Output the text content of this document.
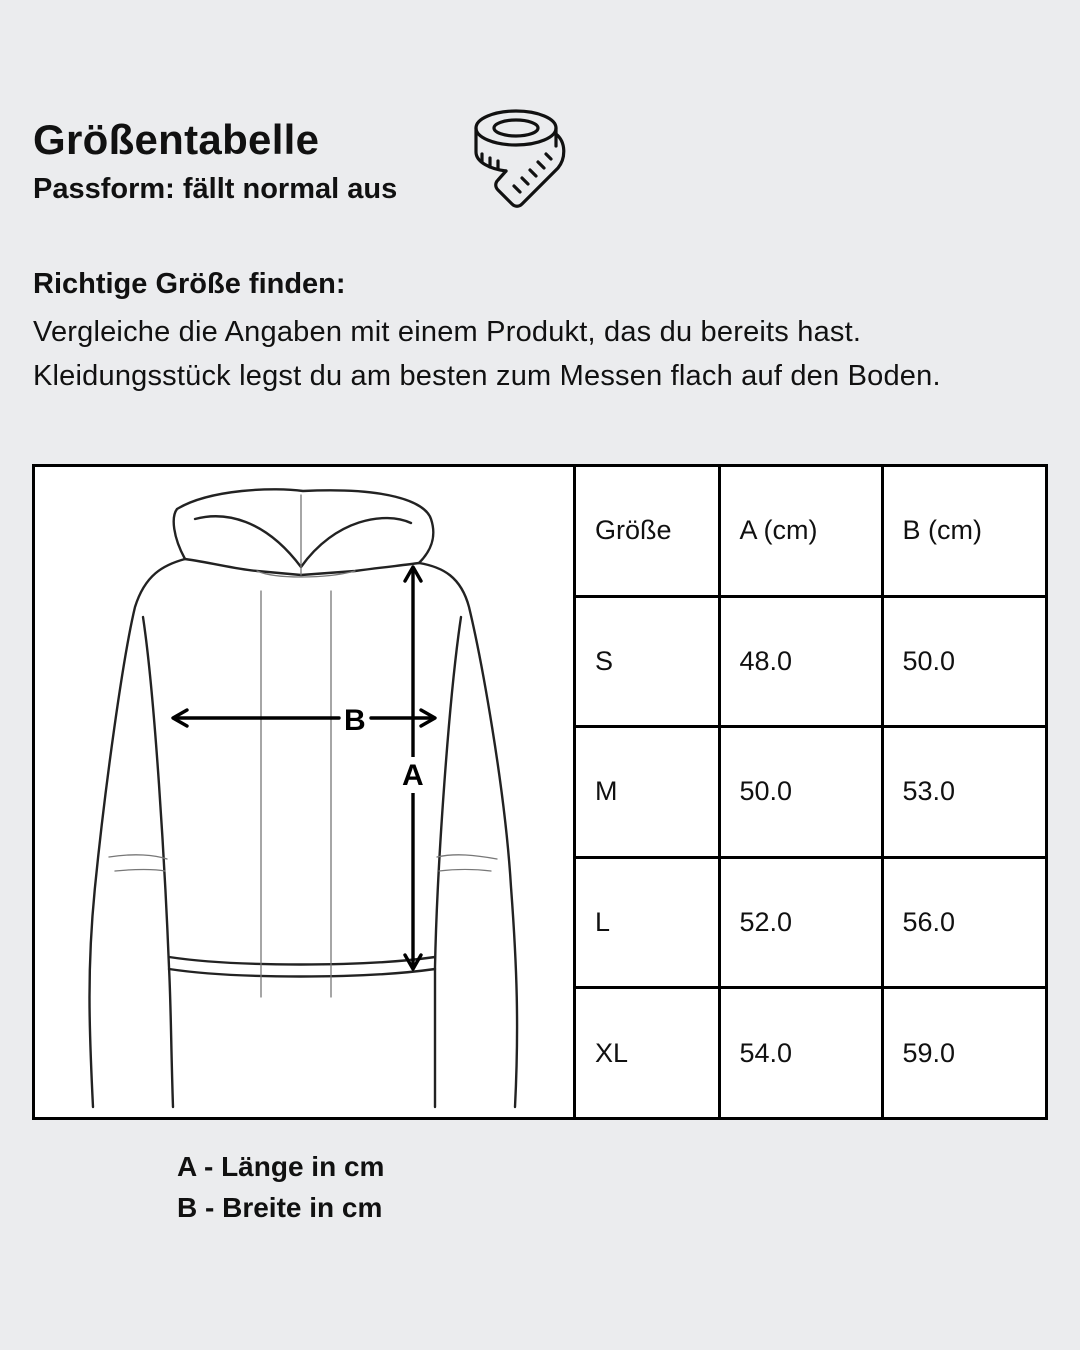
Größentabelle
Passform: fällt normal aus
Richtige Größe finden:
Vergleiche die Angaben mit einem Produkt, das du bereits hast. Kleidungsstück legst du am besten zum Messen flach auf den Boden.
B
A
Größe	A (cm)	B (cm)
S	48.0	50.0
M	50.0	53.0
L	52.0	56.0
XL	54.0	59.0
A - Länge in cm
B - Breite in cm
